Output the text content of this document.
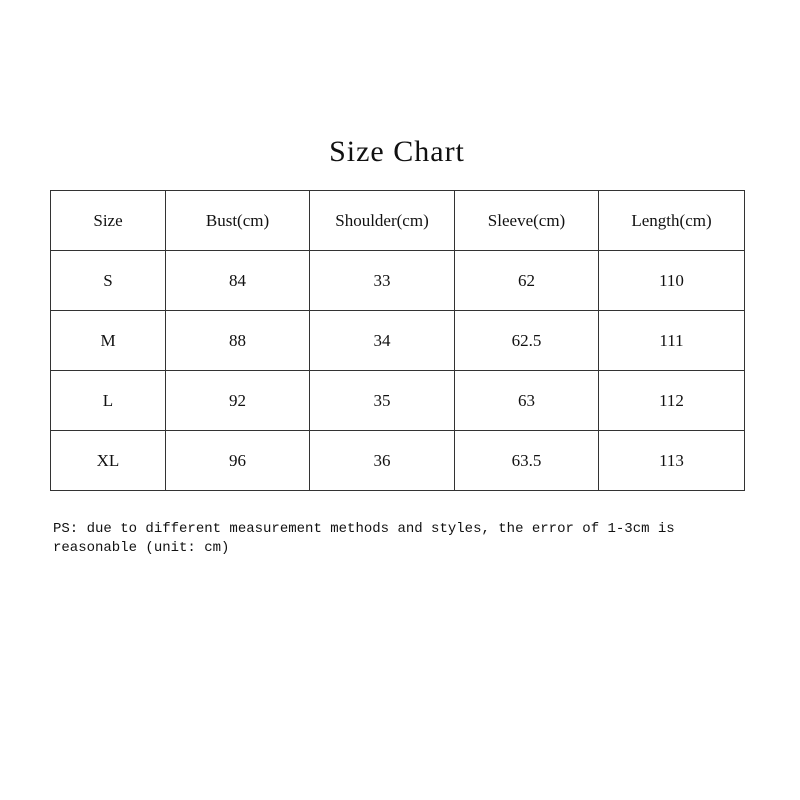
Size Chart
Size	Bust(cm)	Shoulder(cm)	Sleeve(cm)	Length(cm)
S	84	33	62	110
M	88	34	62.5	111
L	92	35	63	112
XL	96	36	63.5	113
PS: due to different measurement methods and styles, the error of 1-3cm is reasonable (unit: cm)
